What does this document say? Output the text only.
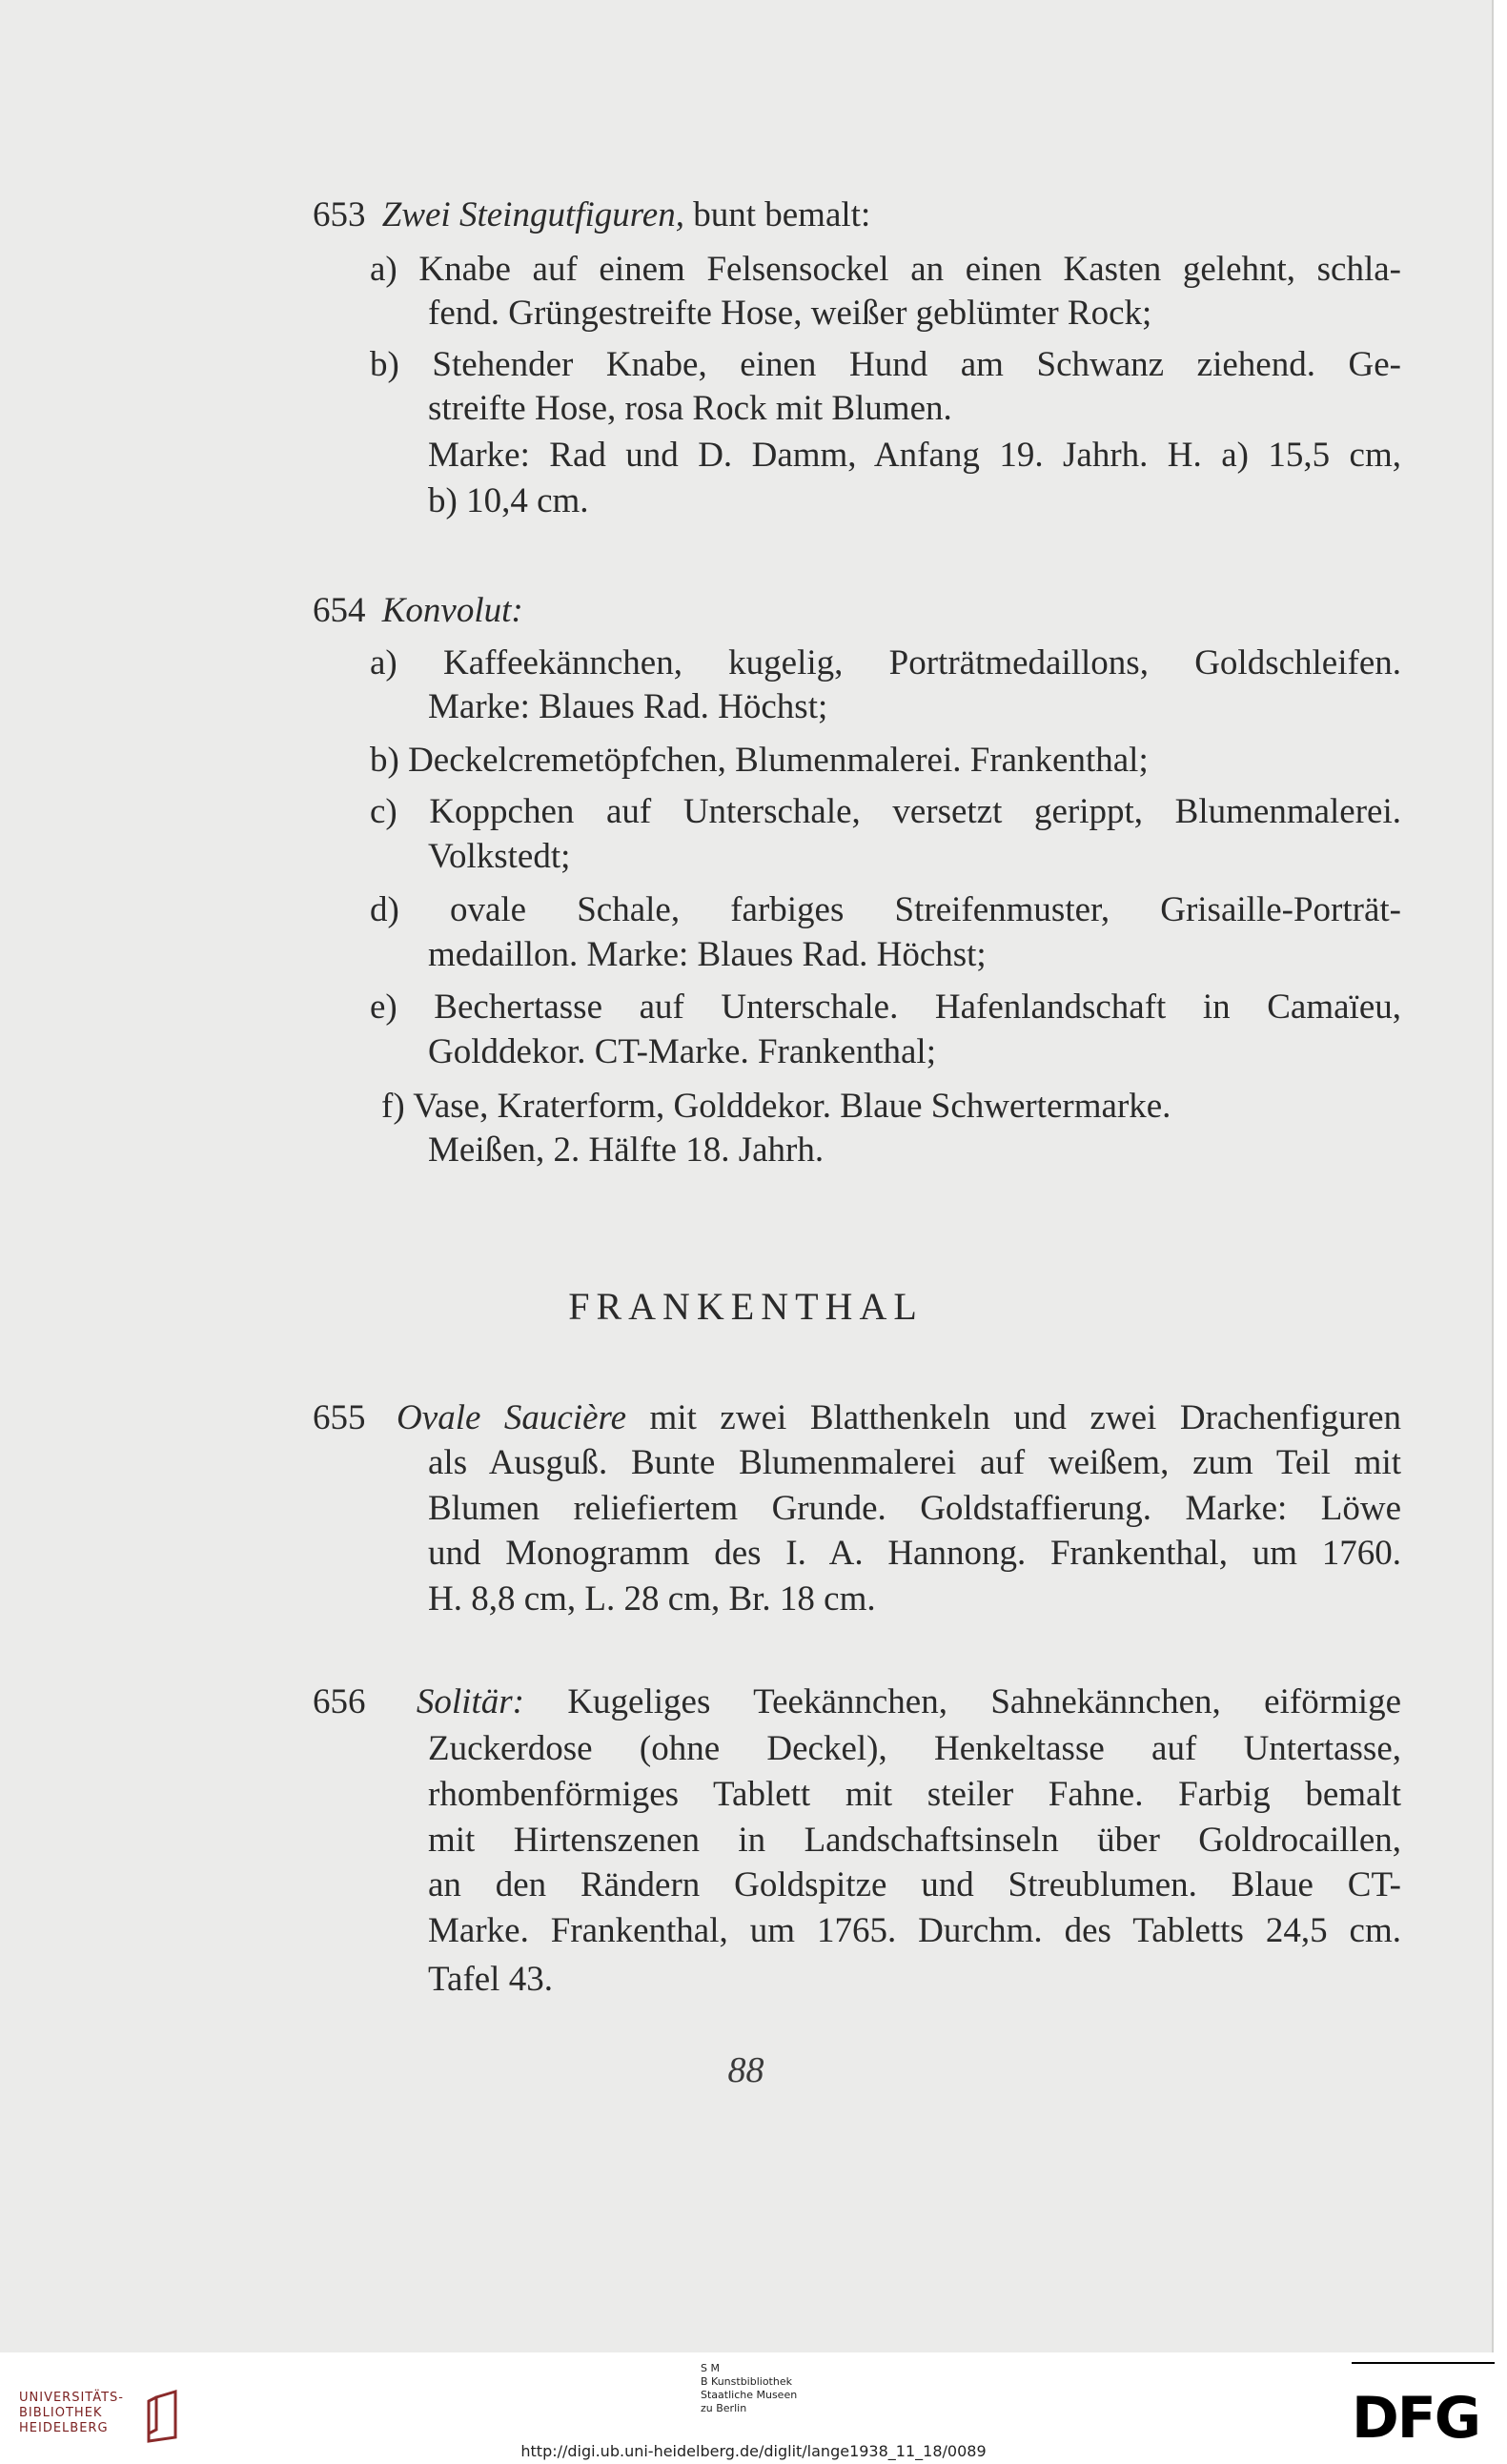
653 Zwei Steingutfiguren, bunt bemalt:
a) Knabe auf einem Felsensockel an einen Kasten gelehnt, schla-
fend. Grüngestreifte Hose, weißer geblümter Rock;
b) Stehender Knabe, einen Hund am Schwanz ziehend. Ge-
streifte Hose, rosa Rock mit Blumen.
Marke: Rad und D. Damm, Anfang 19. Jahrh. H. a) 15,5 cm,
b) 10,4 cm.
654 Konvolut:
a) Kaffeekännchen, kugelig, Porträtmedaillons, Goldschleifen.
Marke: Blaues Rad. Höchst;
b) Deckelcremetöpfchen, Blumenmalerei. Frankenthal;
c) Koppchen auf Unterschale, versetzt gerippt, Blumenmalerei.
Volkstedt;
d) ovale Schale, farbiges Streifenmuster, Grisaille-Porträt-
medaillon. Marke: Blaues Rad. Höchst;
e) Bechertasse auf Unterschale. Hafenlandschaft in Camaïeu,
Golddekor. CT-Marke. Frankenthal;
f) Vase, Kraterform, Golddekor. Blaue Schwertermarke.
Meißen, 2. Hälfte 18. Jahrh.
FRANKENTHAL
655 Ovale Saucière mit zwei Blatthenkeln und zwei Drachenfiguren
als Ausguß. Bunte Blumenmalerei auf weißem, zum Teil mit
Blumen reliefiertem Grunde. Goldstaffierung. Marke: Löwe
und Monogramm des I. A. Hannong. Frankenthal, um 1760.
H. 8,8 cm, L. 28 cm, Br. 18 cm.
656 Solitär: Kugeliges Teekännchen, Sahnekännchen, eiförmige
Zuckerdose (ohne Deckel), Henkeltasse auf Untertasse,
rhombenförmiges Tablett mit steiler Fahne. Farbig bemalt
mit Hirtenszenen in Landschaftsinseln über Goldrocaillen,
an den Rändern Goldspitze und Streublumen. Blaue CT-
Marke. Frankenthal, um 1765. Durchm. des Tabletts 24,5 cm.
Tafel 43.
88
UNIVERSITÄTS-
BIBLIOTHEK
HEIDELBERG
S M
B Kunstbibliothek
Staatliche Museen
zu Berlin	DFG
http://digi.ub.uni-heidelberg.de/diglit/lange1938_11_18/0089
